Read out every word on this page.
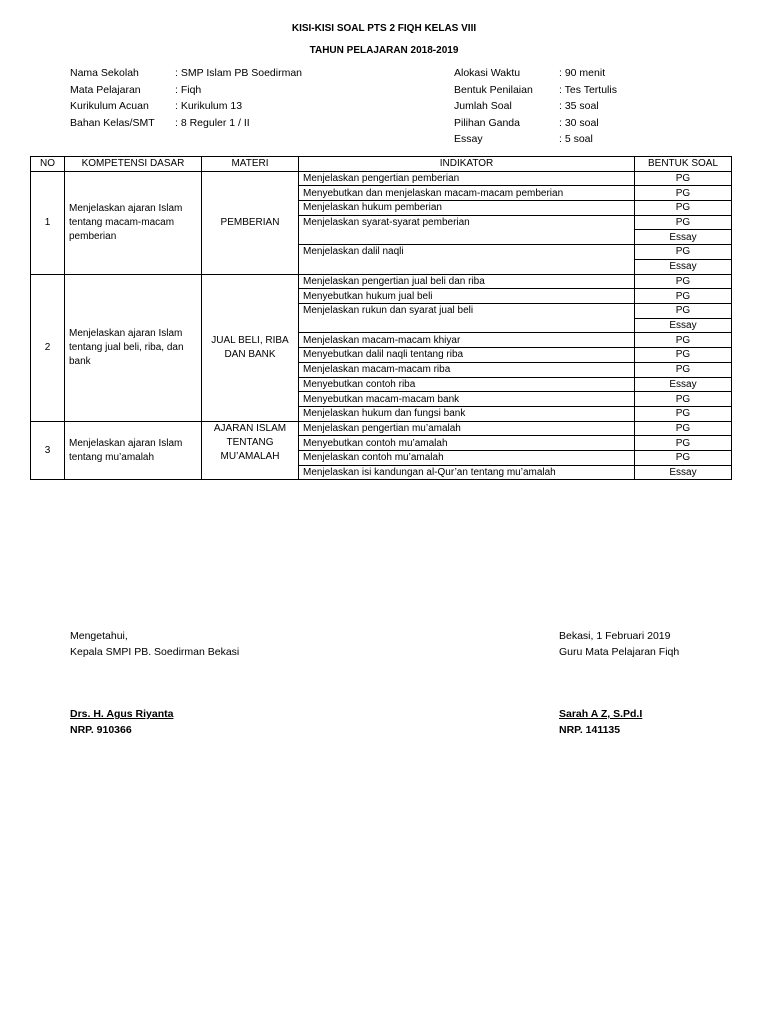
KISI-KISI SOAL PTS 2 FIQH KELAS VIII
TAHUN PELAJARAN 2018-2019
Nama Sekolah	: SMP Islam PB Soedirman
Mata Pelajaran	: Fiqh
Kurikulum Acuan	: Kurikulum 13
Bahan Kelas/SMT	: 8 Reguler 1 / II
Alokasi Waktu	: 90 menit
Bentuk Penilaian	: Tes Tertulis
Jumlah Soal	: 35 soal
Pilihan Ganda	: 30 soal
Essay	: 5 soal
NO	KOMPETENSI DASAR	MATERI	INDIKATOR	BENTUK SOAL
1	Menjelaskan ajaran Islam tentang macam-macam pemberian	PEMBERIAN	Menjelaskan pengertian pemberian	PG
			Menyebutkan dan menjelaskan macam-macam pemberian	PG
			Menjelaskan hukum pemberian	PG
			Menjelaskan syarat-syarat pemberian	PG
				Essay
			Menjelaskan dalil naqli	PG
				Essay
2	Menjelaskan ajaran Islam tentang jual beli, riba, dan bank	JUAL BELI, RIBA DAN BANK	Menjelaskan pengertian jual beli dan riba	PG
			Menyebutkan hukum jual beli	PG
			Menjelaskan rukun dan syarat jual beli	PG
				Essay
			Menjelaskan macam-macam khiyar	PG
			Menyebutkan dalil naqli tentang riba	PG
			Menjelaskan macam-macam riba	PG
			Menyebutkan contoh riba	Essay
			Menyebutkan macam-macam bank	PG
			Menjelaskan hukum dan fungsi bank	PG
3	Menjelaskan ajaran Islam tentang mu’amalah	AJARAN ISLAM TENTANG MU’AMALAH	Menjelaskan pengertian mu’amalah	PG
			Menyebutkan contoh mu’amalah	PG
			Menjelaskan contoh mu’amalah	PG
			Menjelaskan isi kandungan al-Qur’an tentang mu’amalah	Essay
Mengetahui,
Kepala SMPI PB. Soedirman Bekasi
Drs. H. Agus Riyanta
NRP. 910366
Bekasi, 1 Februari 2019
Guru Mata Pelajaran Fiqh
Sarah A Z, S.Pd.I
NRP. 141135
